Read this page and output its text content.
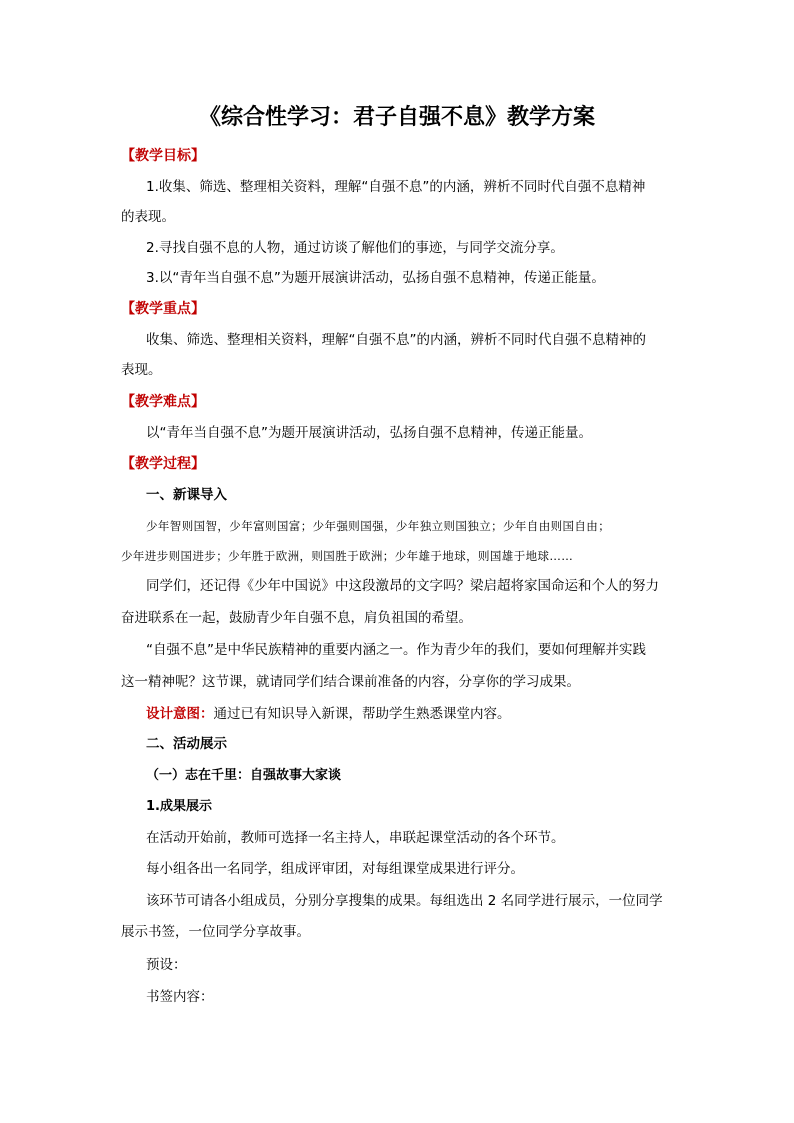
《综合性学习：君子自强不息》教学方案
【教学目标】
1.收集、筛选、整理相关资料，理解“自强不息”的内涵，辨析不同时代自强不息精神
的表现。
2.寻找自强不息的人物，通过访谈了解他们的事迹，与同学交流分享。
3.以“青年当自强不息”为题开展演讲活动，弘扬自强不息精神，传递正能量。
【教学重点】
收集、筛选、整理相关资料，理解“自强不息”的内涵，辨析不同时代自强不息精神的
表现。
【教学难点】
以“青年当自强不息”为题开展演讲活动，弘扬自强不息精神，传递正能量。
【教学过程】
一、新课导入
少年智则国智，少年富则国富；少年强则国强，少年独立则国独立；少年自由则国自由；
少年进步则国进步；少年胜于欧洲，则国胜于欧洲；少年雄于地球，则国雄于地球……
同学们，还记得《少年中国说》中这段激昂的文字吗？梁启超将家国命运和个人的努力
奋进联系在一起，鼓励青少年自强不息，肩负祖国的希望。
“自强不息”是中华民族精神的重要内涵之一。作为青少年的我们，要如何理解并实践
这一精神呢？这节课，就请同学们结合课前准备的内容，分享你的学习成果。
设计意图：通过已有知识导入新课，帮助学生熟悉课堂内容。
二、活动展示
（一）志在千里：自强故事大家谈
1.成果展示
在活动开始前，教师可选择一名主持人，串联起课堂活动的各个环节。
每小组各出一名同学，组成评审团，对每组课堂成果进行评分。
该环节可请各小组成员，分别分享搜集的成果。每组选出 2 名同学进行展示，一位同学
展示书签，一位同学分享故事。
预设：
书签内容：
